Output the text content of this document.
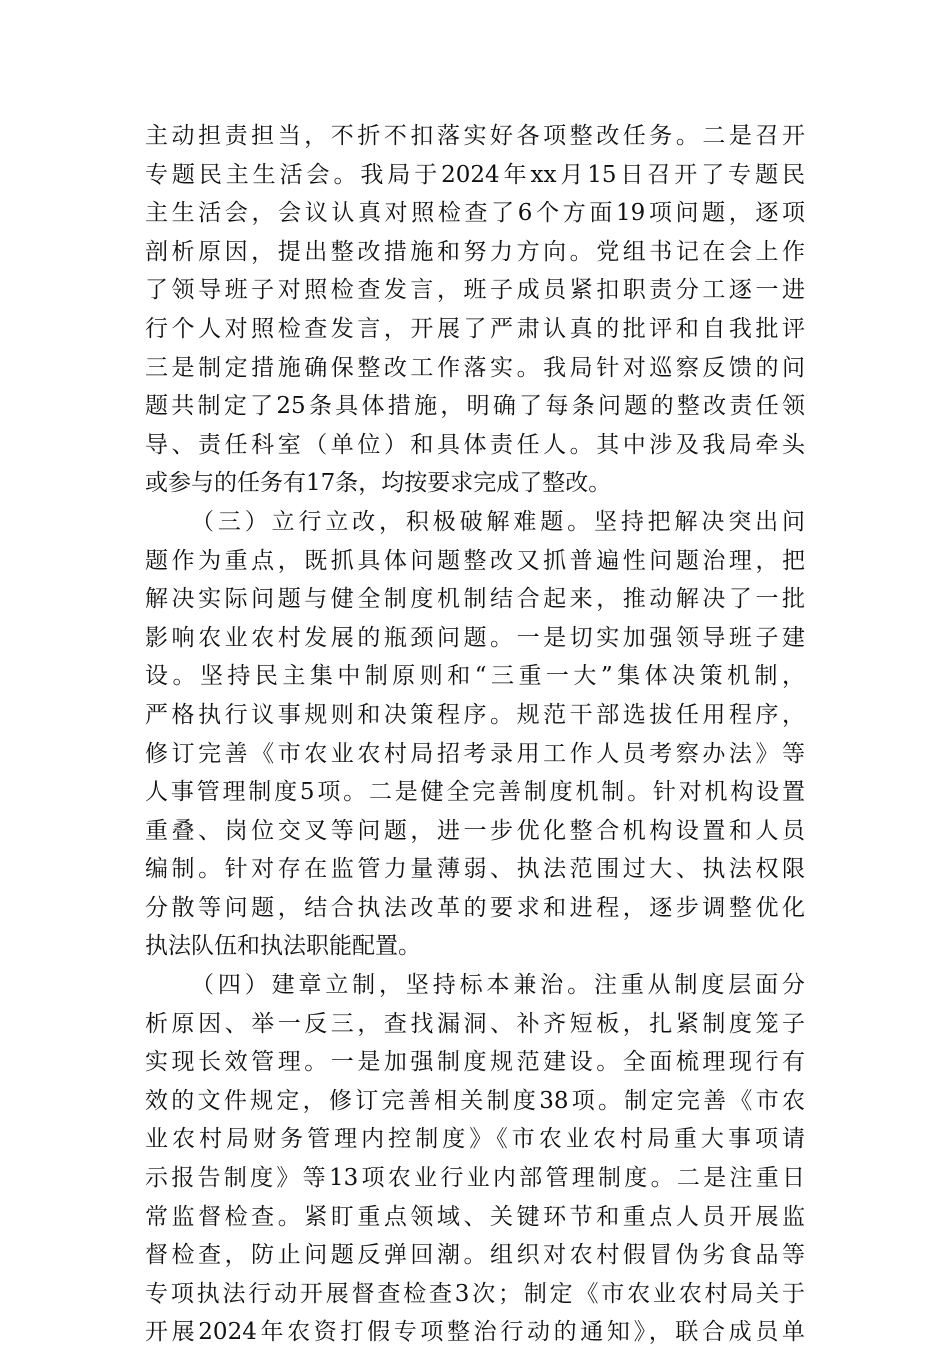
主动担责担当，不折不扣落实好各项整改任务。二是召开
专题民主生活会。我局于2024年xx月15日召开了专题民
主生活会，会议认真对照检查了6个方面19项问题，逐项
剖析原因，提出整改措施和努力方向。党组书记在会上作
了领导班子对照检查发言，班子成员紧扣职责分工逐一进
行个人对照检查发言，开展了严肃认真的批评和自我批评
三是制定措施确保整改工作落实。我局针对巡察反馈的问
题共制定了25条具体措施，明确了每条问题的整改责任领
导、责任科室（单位）和具体责任人。其中涉及我局牵头
或参与的任务有17条，均按要求完成了整改。
（三）立行立改，积极破解难题。坚持把解决突出问
题作为重点，既抓具体问题整改又抓普遍性问题治理，把
解决实际问题与健全制度机制结合起来，推动解决了一批
影响农业农村发展的瓶颈问题。一是切实加强领导班子建
设。坚持民主集中制原则和“三重一大”集体决策机制，
严格执行议事规则和决策程序。规范干部选拔任用程序，
修订完善《市农业农村局招考录用工作人员考察办法》等
人事管理制度5项。二是健全完善制度机制。针对机构设置
重叠、岗位交叉等问题，进一步优化整合机构设置和人员
编制。针对存在监管力量薄弱、执法范围过大、执法权限
分散等问题，结合执法改革的要求和进程，逐步调整优化
执法队伍和执法职能配置。
（四）建章立制，坚持标本兼治。注重从制度层面分
析原因、举一反三，查找漏洞、补齐短板，扎紧制度笼子
实现长效管理。一是加强制度规范建设。全面梳理现行有
效的文件规定，修订完善相关制度38项。制定完善《市农
业农村局财务管理内控制度》《市农业农村局重大事项请
示报告制度》等13项农业行业内部管理制度。二是注重日
常监督检查。紧盯重点领域、关键环节和重点人员开展监
督检查，防止问题反弹回潮。组织对农村假冒伪劣食品等
专项执法行动开展督查检查3次；制定《市农业农村局关于
开展2024年农资打假专项整治行动的通知》，联合成员单
